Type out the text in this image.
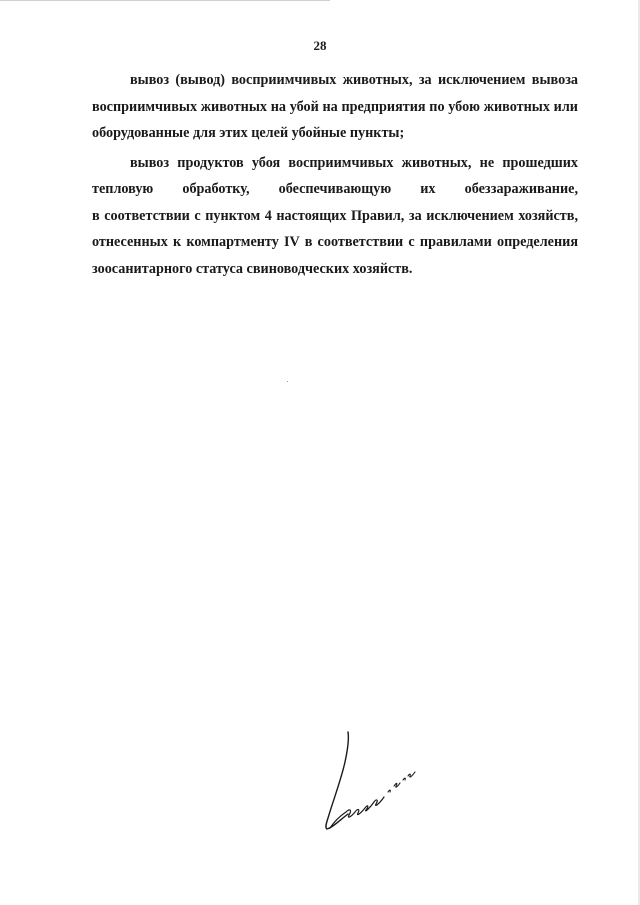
28
вывоз (вывод) восприимчивых животных, за исключением вывоза
восприимчивых животных на убой на предприятия по убою животных или
оборудованные для этих целей убойные пункты;
вывоз продуктов убоя восприимчивых животных, не прошедших
тепловую обработку, обеспечивающую их обеззараживание,
в соответствии с пунктом 4 настоящих Правил, за исключением хозяйств,
отнесенных к компартменту IV в соответствии с правилами определения
зоосанитарного статуса свиноводческих хозяйств.
